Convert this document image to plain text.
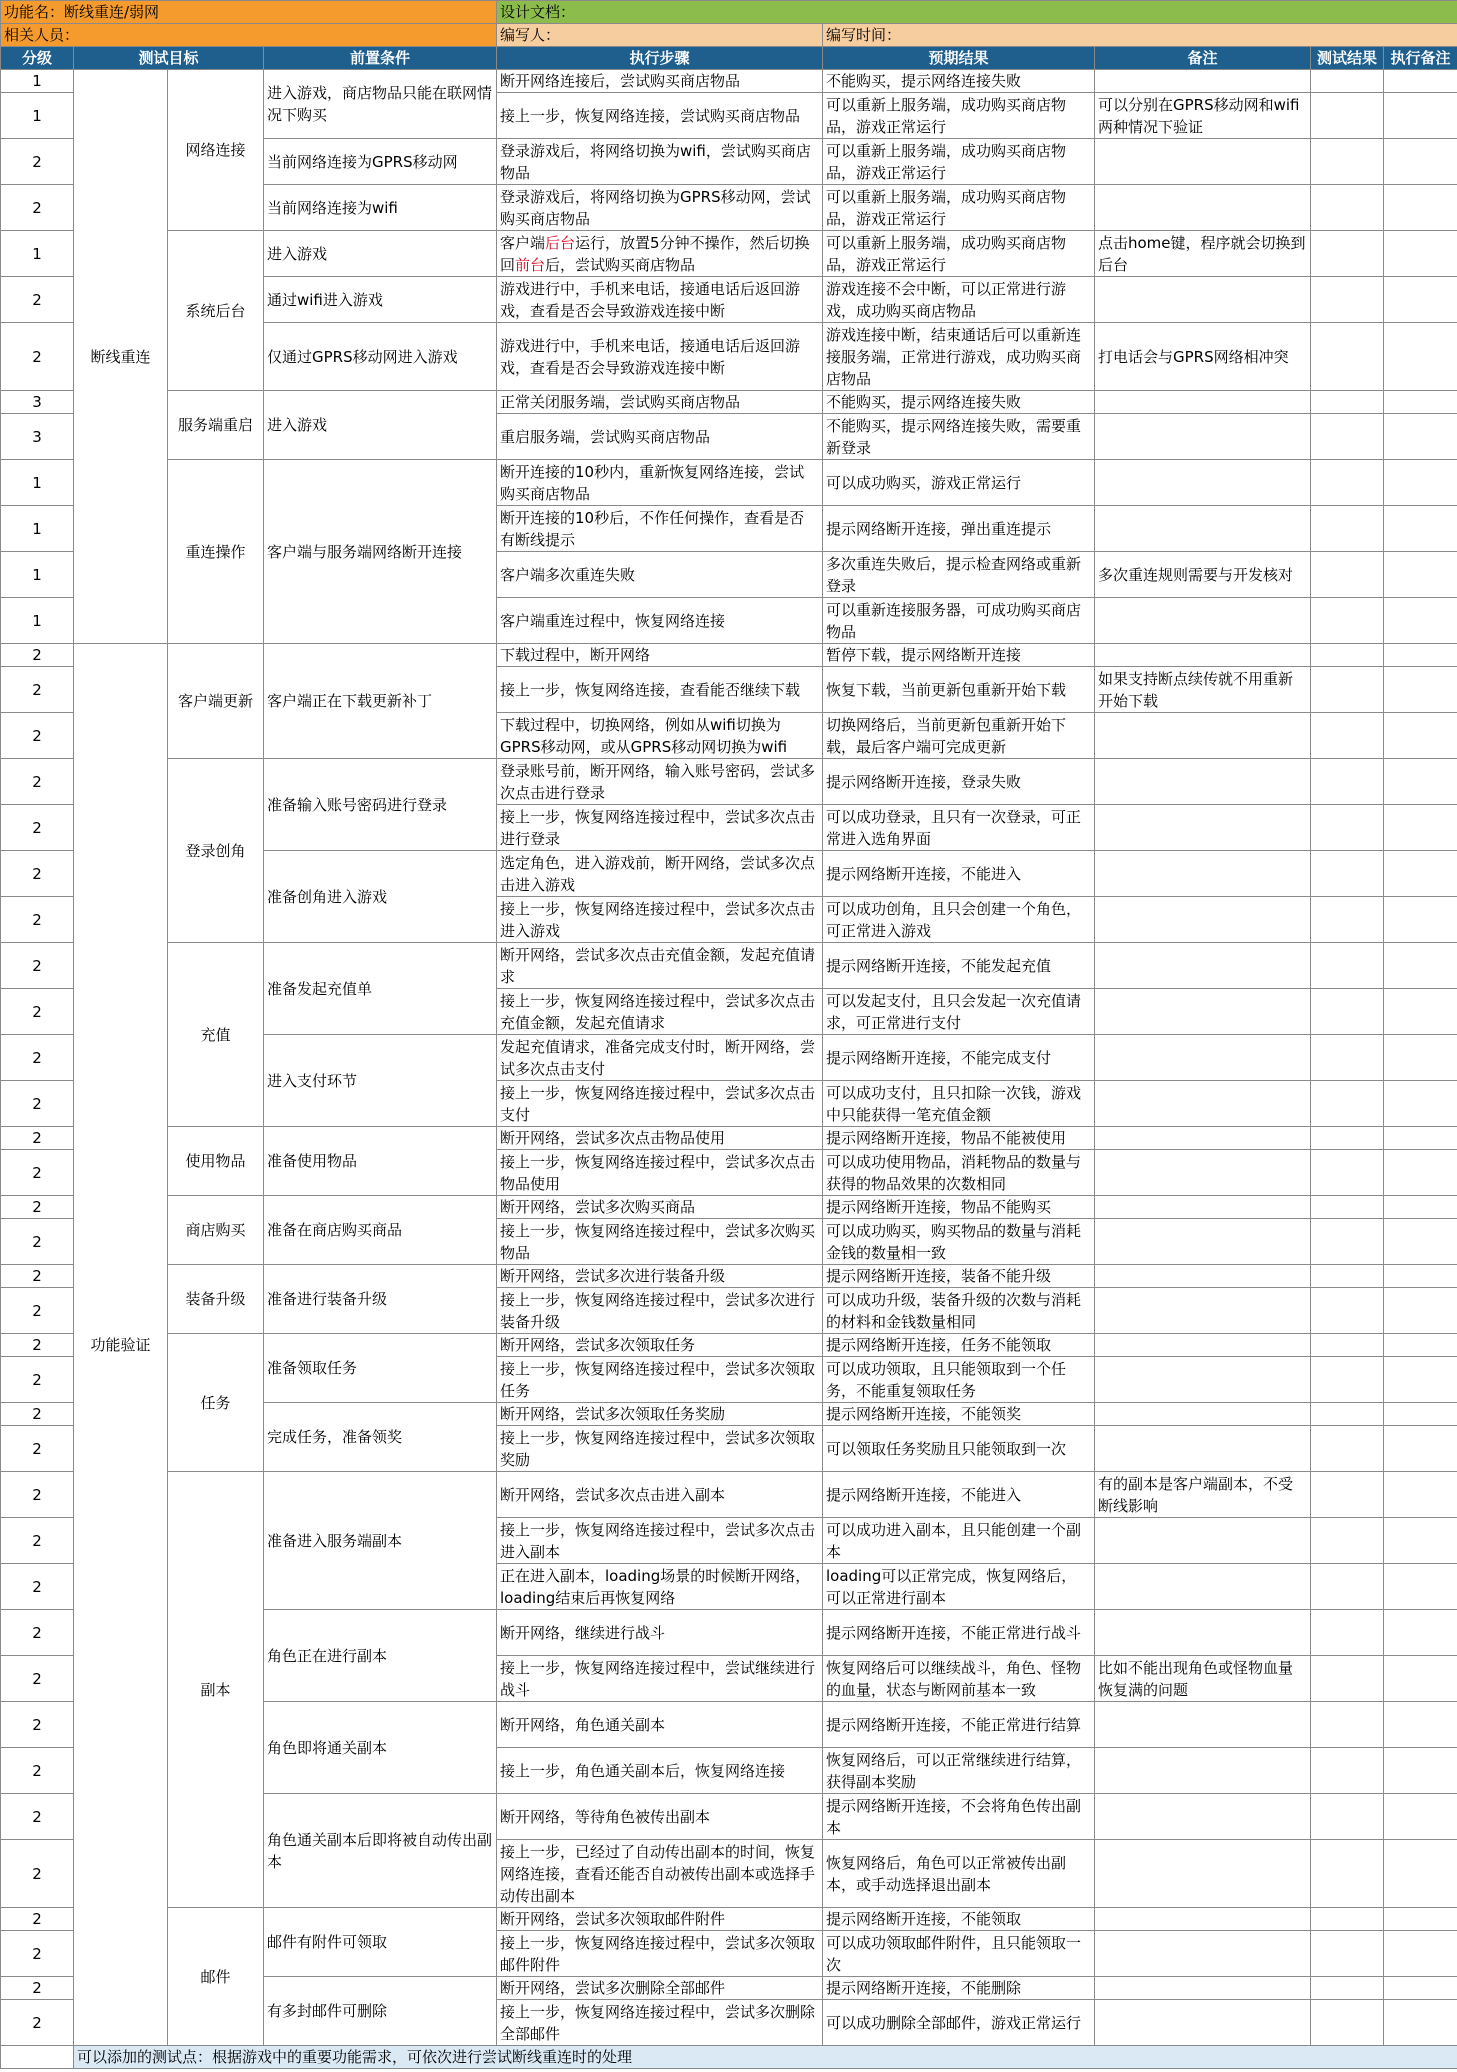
功能名：断线重连/弱网				设计文档：				
相关人员：				编写人：	编写时间：			
分级	测试目标		前置条件	执行步骤	预期结果	备注	测试结果	执行备注
1	断线重连	网络连接	进入游戏，商店物品只能在联网情况下购买	断开网络连接后，尝试购买商店物品	不能购买，提示网络连接失败			
1				接上一步，恢复网络连接，尝试购买商店物品	可以重新上服务端，成功购买商店物品，游戏正常运行	可以分别在GPRS移动网和wifi两种情况下验证		
2			当前网络连接为GPRS移动网	登录游戏后，将网络切换为wifi，尝试购买商店物品	可以重新上服务端，成功购买商店物品，游戏正常运行			
2			当前网络连接为wifi	登录游戏后，将网络切换为GPRS移动网，尝试购买商店物品	可以重新上服务端，成功购买商店物品，游戏正常运行			
1		系统后台	进入游戏	客户端后台运行，放置5分钟不操作，然后切换回前台后，尝试购买商店物品	可以重新上服务端，成功购买商店物品，游戏正常运行	点击home键，程序就会切换到后台		
2			通过wifi进入游戏	游戏进行中，手机来电话，接通电话后返回游戏，查看是否会导致游戏连接中断	游戏连接不会中断，可以正常进行游戏，成功购买商店物品			
2			仅通过GPRS移动网进入游戏	游戏进行中，手机来电话，接通电话后返回游戏，查看是否会导致游戏连接中断	游戏连接中断，结束通话后可以重新连接服务端，正常进行游戏，成功购买商店物品	打电话会与GPRS网络相冲突		
3		服务端重启	进入游戏	正常关闭服务端，尝试购买商店物品	不能购买，提示网络连接失败			
3				重启服务端，尝试购买商店物品	不能购买，提示网络连接失败，需要重新登录			
1		重连操作	客户端与服务端网络断开连接	断开连接的10秒内，重新恢复网络连接，尝试购买商店物品	可以成功购买，游戏正常运行			
1				断开连接的10秒后，不作任何操作，查看是否有断线提示	提示网络断开连接，弹出重连提示			
1				客户端多次重连失败	多次重连失败后，提示检查网络或重新登录	多次重连规则需要与开发核对		
1				客户端重连过程中，恢复网络连接	可以重新连接服务器，可成功购买商店物品			
2	功能验证	客户端更新	客户端正在下载更新补丁	下载过程中，断开网络	暂停下载，提示网络断开连接			
2				接上一步，恢复网络连接，查看能否继续下载	恢复下载，当前更新包重新开始下载	如果支持断点续传就不用重新开始下载		
2				下载过程中，切换网络，例如从wifi切换为GPRS移动网，或从GPRS移动网切换为wifi	切换网络后，当前更新包重新开始下载，最后客户端可完成更新			
2		登录创角	准备输入账号密码进行登录	登录账号前，断开网络，输入账号密码，尝试多次点击进行登录	提示网络断开连接，登录失败			
2				接上一步，恢复网络连接过程中，尝试多次点击进行登录	可以成功登录，且只有一次登录，可正常进入选角界面			
2			准备创角进入游戏	选定角色，进入游戏前，断开网络，尝试多次点击进入游戏	提示网络断开连接，不能进入			
2				接上一步，恢复网络连接过程中，尝试多次点击进入游戏	可以成功创角，且只会创建一个角色，可正常进入游戏			
2		充值	准备发起充值单	断开网络，尝试多次点击充值金额，发起充值请求	提示网络断开连接，不能发起充值			
2				接上一步，恢复网络连接过程中，尝试多次点击充值金额，发起充值请求	可以发起支付，且只会发起一次充值请求，可正常进行支付			
2			进入支付环节	发起充值请求，准备完成支付时，断开网络，尝试多次点击支付	提示网络断开连接，不能完成支付			
2				接上一步，恢复网络连接过程中，尝试多次点击支付	可以成功支付，且只扣除一次钱，游戏中只能获得一笔充值金额			
2		使用物品	准备使用物品	断开网络，尝试多次点击物品使用	提示网络断开连接，物品不能被使用			
2				接上一步，恢复网络连接过程中，尝试多次点击物品使用	可以成功使用物品，消耗物品的数量与获得的物品效果的次数相同			
2		商店购买	准备在商店购买商品	断开网络，尝试多次购买商品	提示网络断开连接，物品不能购买			
2				接上一步，恢复网络连接过程中，尝试多次购买物品	可以成功购买，购买物品的数量与消耗金钱的数量相一致			
2		装备升级	准备进行装备升级	断开网络，尝试多次进行装备升级	提示网络断开连接，装备不能升级			
2				接上一步，恢复网络连接过程中，尝试多次进行装备升级	可以成功升级，装备升级的次数与消耗的材料和金钱数量相同			
2		任务	准备领取任务	断开网络，尝试多次领取任务	提示网络断开连接，任务不能领取			
2				接上一步，恢复网络连接过程中，尝试多次领取任务	可以成功领取，且只能领取到一个任务，不能重复领取任务			
2			完成任务，准备领奖	断开网络，尝试多次领取任务奖励	提示网络断开连接，不能领奖			
2				接上一步，恢复网络连接过程中，尝试多次领取奖励	可以领取任务奖励且只能领取到一次			
2		副本	准备进入服务端副本	断开网络，尝试多次点击进入副本	提示网络断开连接，不能进入	有的副本是客户端副本，不受断线影响		
2				接上一步，恢复网络连接过程中，尝试多次点击进入副本	可以成功进入副本，且只能创建一个副本			
2				正在进入副本，loading场景的时候断开网络，loading结束后再恢复网络	loading可以正常完成，恢复网络后，可以正常进行副本			
2			角色正在进行副本	断开网络，继续进行战斗	提示网络断开连接，不能正常进行战斗			
2				接上一步，恢复网络连接过程中，尝试继续进行战斗	恢复网络后可以继续战斗，角色、怪物的血量，状态与断网前基本一致	比如不能出现角色或怪物血量恢复满的问题		
2			角色即将通关副本	断开网络，角色通关副本	提示网络断开连接，不能正常进行结算			
2				接上一步，角色通关副本后，恢复网络连接	恢复网络后，可以正常继续进行结算，获得副本奖励			
2			角色通关副本后即将被自动传出副本	断开网络，等待角色被传出副本	提示网络断开连接，不会将角色传出副本			
2				接上一步，已经过了自动传出副本的时间，恢复网络连接，查看还能否自动被传出副本或选择手动传出副本	恢复网络后，角色可以正常被传出副本，或手动选择退出副本			
2		邮件	邮件有附件可领取	断开网络，尝试多次领取邮件附件	提示网络断开连接，不能领取			
2				接上一步，恢复网络连接过程中，尝试多次领取邮件附件	可以成功领取邮件附件，且只能领取一次			
2			有多封邮件可删除	断开网络，尝试多次删除全部邮件	提示网络断开连接，不能删除			
2				接上一步，恢复网络连接过程中，尝试多次删除全部邮件	可以成功删除全部邮件，游戏正常运行			
	可以添加的测试点：根据游戏中的重要功能需求，可依次进行尝试断线重连时的处理							
